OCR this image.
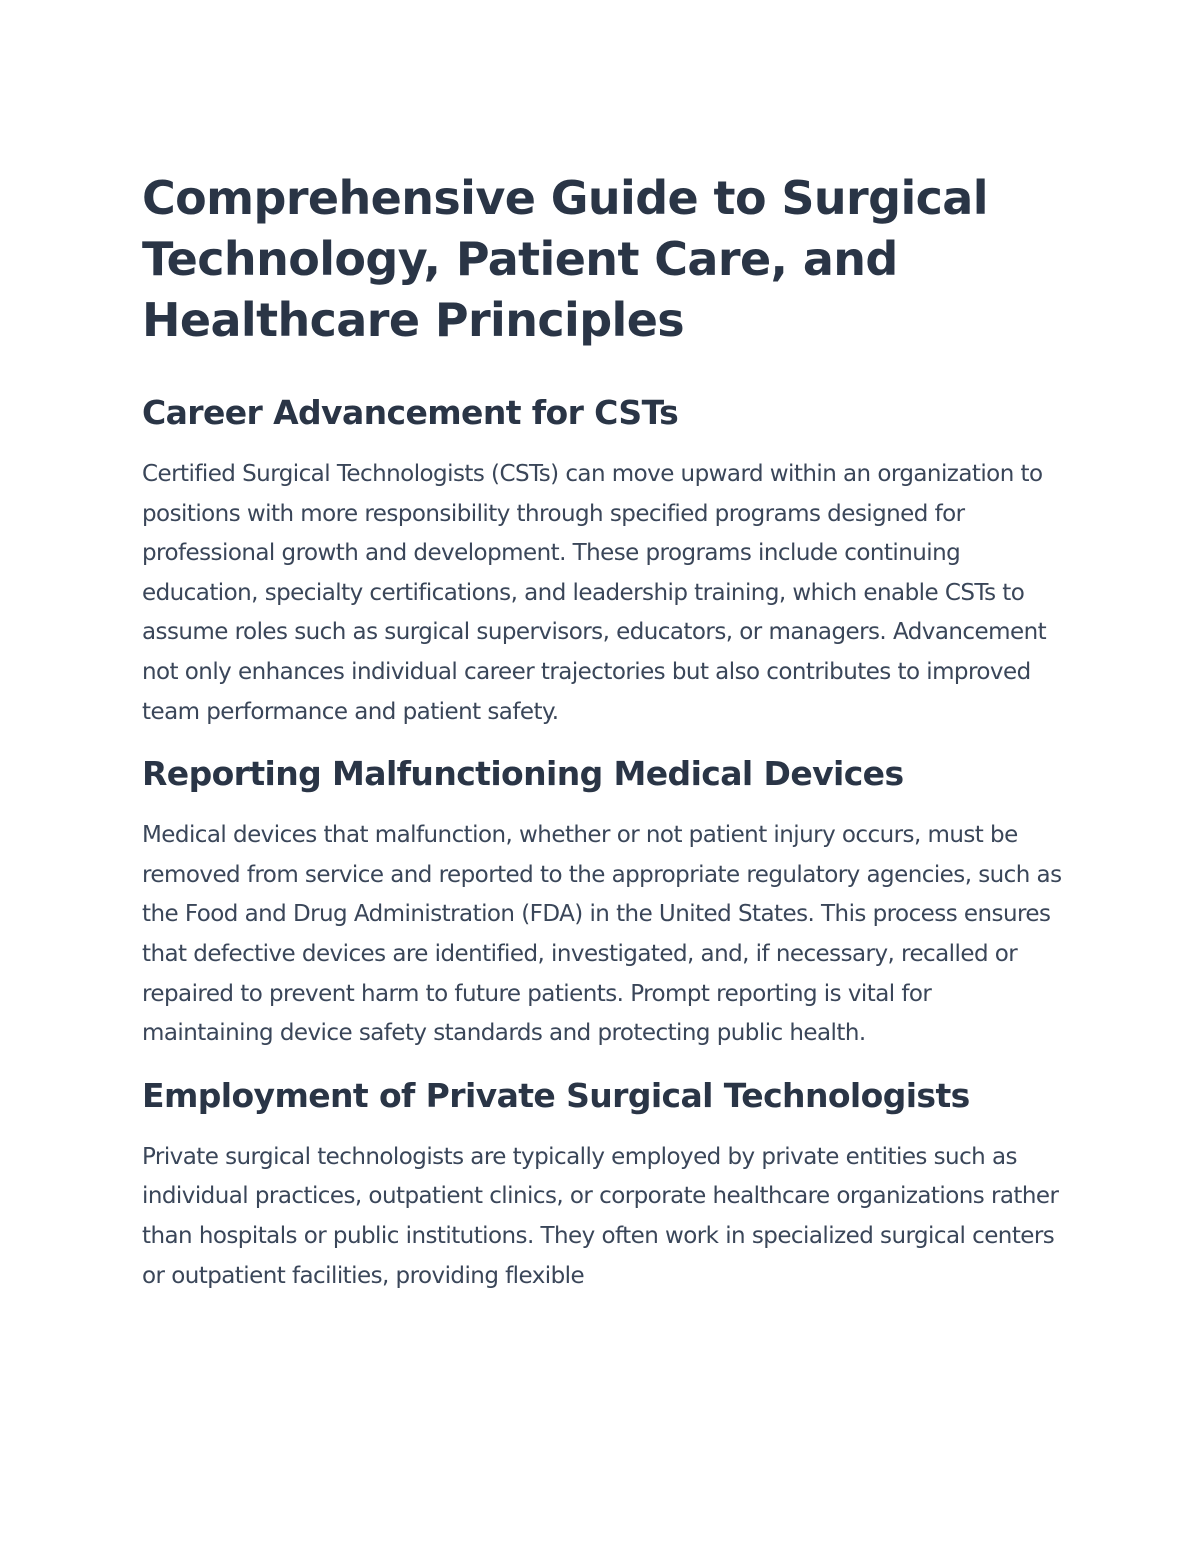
Comprehensive Guide to Surgical Technology, Patient Care, and Healthcare Principles
Career Advancement for CSTs

Certified Surgical Technologists (CSTs) can move upward within an organization to positions with more responsibility through specified programs designed for professional growth and development. These programs include continuing education, specialty certifications, and leadership training, which enable CSTs to assume roles such as surgical supervisors, educators, or managers. Advancement not only enhances individual career trajectories but also contributes to improved team performance and patient safety.

Reporting Malfunctioning Medical Devices

Medical devices that malfunction, whether or not patient injury occurs, must be removed from service and reported to the appropriate regulatory agencies, such as the Food and Drug Administration (FDA) in the United States. This process ensures that defective devices are identified, investigated, and, if necessary, recalled or repaired to prevent harm to future patients. Prompt reporting is vital for maintaining device safety standards and protecting public health.

Employment of Private Surgical Technologists

Private surgical technologists are typically employed by private entities such as individual practices, outpatient clinics, or corporate healthcare organizations rather than hospitals or public institutions. They often work in specialized surgical centers or outpatient facilities, providing flexible
